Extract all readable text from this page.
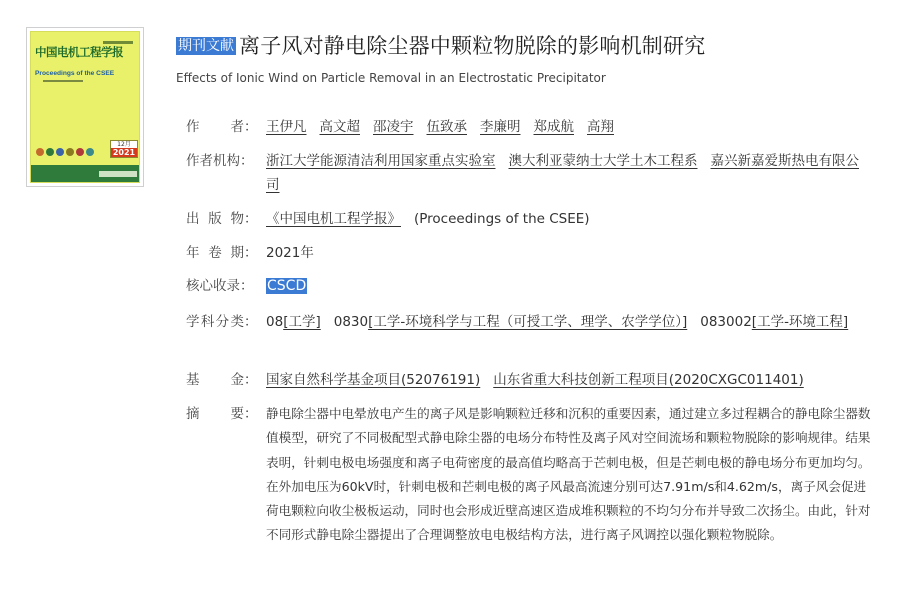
中国电机工程学报
Proceedings of the CSEE
12月
2021
期刊文献 离子风对静电除尘器中颗粒物脱除的影响机制研究
Effects of Ionic Wind on Particle Removal in an Electrostatic Precipitator
作 者 ： 王伊凡 高文超 邵凌宇 伍致承 李廉明 郑成航 高翔
作者机构： 浙江大学能源清洁利用国家重点实验室 澳大利亚蒙纳士大学土木工程系 嘉兴新嘉爱斯热电有限公司
出 版 物 ： 《中国电机工程学报》 (Proceedings of the CSEE)
年 卷 期 ： 2021年
核心收录： CSCD
学 科 分 类 ： 08[工学] 0830[工学-环境科学与工程（可授工学、理学、农学学位）] 083002[工学-环境工程]
基 金 ： 国家自然科学基金项目(52076191) 山东省重大科技创新工程项目(2020CXGC011401)
摘 要 ： 静电除尘器中电晕放电产生的离子风是影响颗粒迁移和沉积的重要因素，通过建立多过程耦合的静电除尘器数值模型，研究了不同极配型式静电除尘器的电场分布特性及离子风对空间流场和颗粒物脱除的影响规律。结果表明，针刺电极电场强度和离子电荷密度的最高值均略高于芒刺电极，但是芒刺电极的静电场分布更加均匀。在外加电压为60kV时，针刺电极和芒刺电极的离子风最高流速分别可达7.91m/s和4.62m/s，离子风会促进荷电颗粒向收尘极板运动，同时也会形成近壁高速区造成堆积颗粒的不均匀分布并导致二次扬尘。由此，针对不同形式静电除尘器提出了合理调整放电电极结构方法，进行离子风调控以强化颗粒物脱除。
